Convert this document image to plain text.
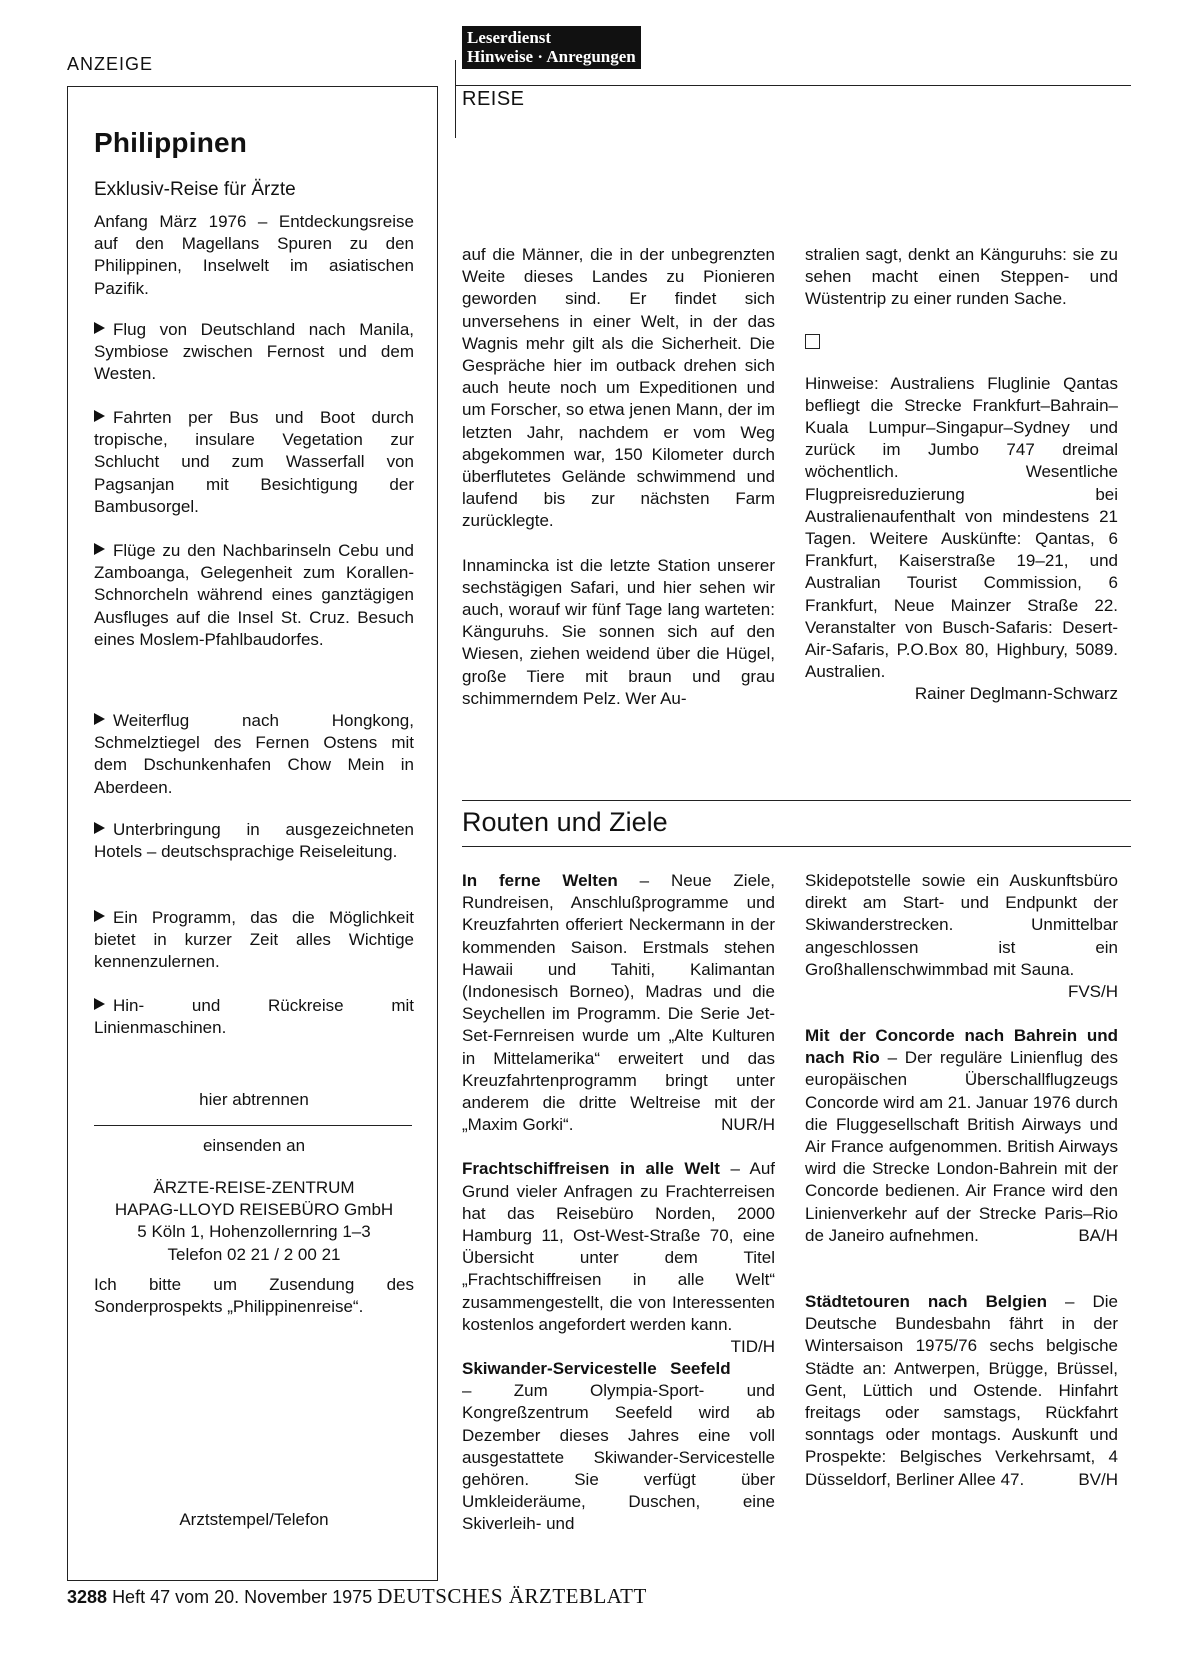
ANZEIGE
Philippinen
Exklusiv-Reise für Ärzte

Anfang März 1976 – Entdeckungsreise auf den Magellans Spuren zu den Philippinen, Inselwelt im asiatischen Pazifik.

Flug von Deutschland nach Manila, Symbiose zwischen Fernost und dem Westen.

Fahrten per Bus und Boot durch tropische, insulare Vegetation zur Schlucht und zum Wasserfall von Pagsanjan mit Besichtigung der Bambusorgel.

Flüge zu den Nachbarinseln Cebu und Zamboanga, Gelegenheit zum Korallen-Schnorcheln während eines ganztägigen Ausfluges auf die Insel St. Cruz. Besuch eines Moslem-Pfahlbaudorfes.

Weiterflug nach Hongkong, Schmelztiegel des Fernen Ostens mit dem Dschunkenhafen Chow Mein in Aberdeen.

Unterbringung in ausgezeichneten Hotels – deutschsprachige Reiseleitung.

Ein Programm, das die Möglichkeit bietet in kurzer Zeit alles Wichtige kennenzulernen.

Hin- und Rückreise mit Linienmaschinen.

hier abtrennen

einsenden an

ÄRZTE-REISE-ZENTRUM
HAPAG-LLOYD REISEBÜRO GmbH
5 Köln 1, Hohenzollernring 1–3
Telefon 02 21 / 2 00 21

Ich bitte um Zusendung des Sonderprospekts „Philippinenreise“.

Arztstempel/Telefon

Leserdienst
Hinweise · Anregungen
REISE

auf die Männer, die in der unbegrenzten Weite dieses Landes zu Pionieren geworden sind. Er findet sich unversehens in einer Welt, in der das Wagnis mehr gilt als die Sicherheit. Die Gespräche hier im outback drehen sich auch heute noch um Expeditionen und um Forscher, so etwa jenen Mann, der im letzten Jahr, nachdem er vom Weg abgekommen war, 150 Kilometer durch überflutetes Gelände schwimmend und laufend bis zur nächsten Farm zurücklegte.

Innamincka ist die letzte Station unserer sechstägigen Safari, und hier sehen wir auch, worauf wir fünf Tage lang warteten: Känguruhs. Sie sonnen sich auf den Wiesen, ziehen weidend über die Hügel, große Tiere mit braun und grau schimmerndem Pelz. Wer Au-

stralien sagt, denkt an Känguruhs: sie zu sehen macht einen Steppen- und Wüstentrip zu einer runden Sache.

Hinweise: Australiens Fluglinie Qantas befliegt die Strecke Frankfurt–Bahrain–Kuala Lumpur–Singapur–Sydney und zurück im Jumbo 747 dreimal wöchentlich. Wesentliche Flugpreisreduzierung bei Australienaufenthalt von mindestens 21 Tagen. Weitere Auskünfte: Qantas, 6 Frankfurt, Kaiserstraße 19–21, und Australian Tourist Commission, 6 Frankfurt, Neue Mainzer Straße 22. Veranstalter von Busch-Safaris: Desert-Air-Safaris, P.O.Box 80, Highbury, 5089. Australien.

Rainer Deglmann-Schwarz

Routen und Ziele

In ferne Welten – Neue Ziele, Rundreisen, Anschlußprogramme und Kreuzfahrten offeriert Neckermann in der kommenden Saison. Erstmals stehen Hawaii und Tahiti, Kalimantan (Indonesisch Borneo), Madras und die Seychellen im Programm. Die Serie Jet-Set-Fernreisen wurde um „Alte Kulturen in Mittelamerika“ erweitert und das Kreuzfahrtenprogramm bringt unter anderem die dritte Weltreise mit der „Maxim Gorki“.	NUR/H

Frachtschiffreisen in alle Welt – Auf Grund vieler Anfragen zu Frachterreisen hat das Reisebüro Norden, 2000 Hamburg 11, Ost-West-Straße 70, eine Übersicht unter dem Titel „Frachtschiffreisen in alle Welt“ zusammengestellt, die von Interessenten kostenlos angefordert werden kann.
TID/H

Skiwander-Servicestelle Seefeld – Zum Olympia-Sport- und Kongreßzentrum Seefeld wird ab Dezember dieses Jahres eine voll ausgestattete Skiwander-Servicestelle gehören. Sie verfügt über Umkleideräume, Duschen, eine Skiverleih- und

Skidepotstelle sowie ein Auskunftsbüro direkt am Start- und Endpunkt der Skiwanderstrecken. Unmittelbar angeschlossen ist ein Großhallenschwimmbad mit Sauna.
FVS/H

Mit der Concorde nach Bahrein und nach Rio – Der reguläre Linienflug des europäischen Überschallflugzeugs Concorde wird am 21. Januar 1976 durch die Fluggesellschaft British Airways und Air France aufgenommen. British Airways wird die Strecke London-Bahrein mit der Concorde bedienen. Air France wird den Linienverkehr auf der Strecke Paris–Rio de Janeiro aufnehmen.	BA/H

Städtetouren nach Belgien – Die Deutsche Bundesbahn fährt in der Wintersaison 1975/76 sechs belgische Städte an: Antwerpen, Brügge, Brüssel, Gent, Lüttich und Ostende. Hinfahrt freitags oder samstags, Rückfahrt sonntags oder montags. Auskunft und Prospekte: Belgisches Verkehrsamt, 4 Düsseldorf, Berliner Allee 47.	BV/H

3288 Heft 47 vom 20. November 1975 DEUTSCHES ÄRZTEBLATT
